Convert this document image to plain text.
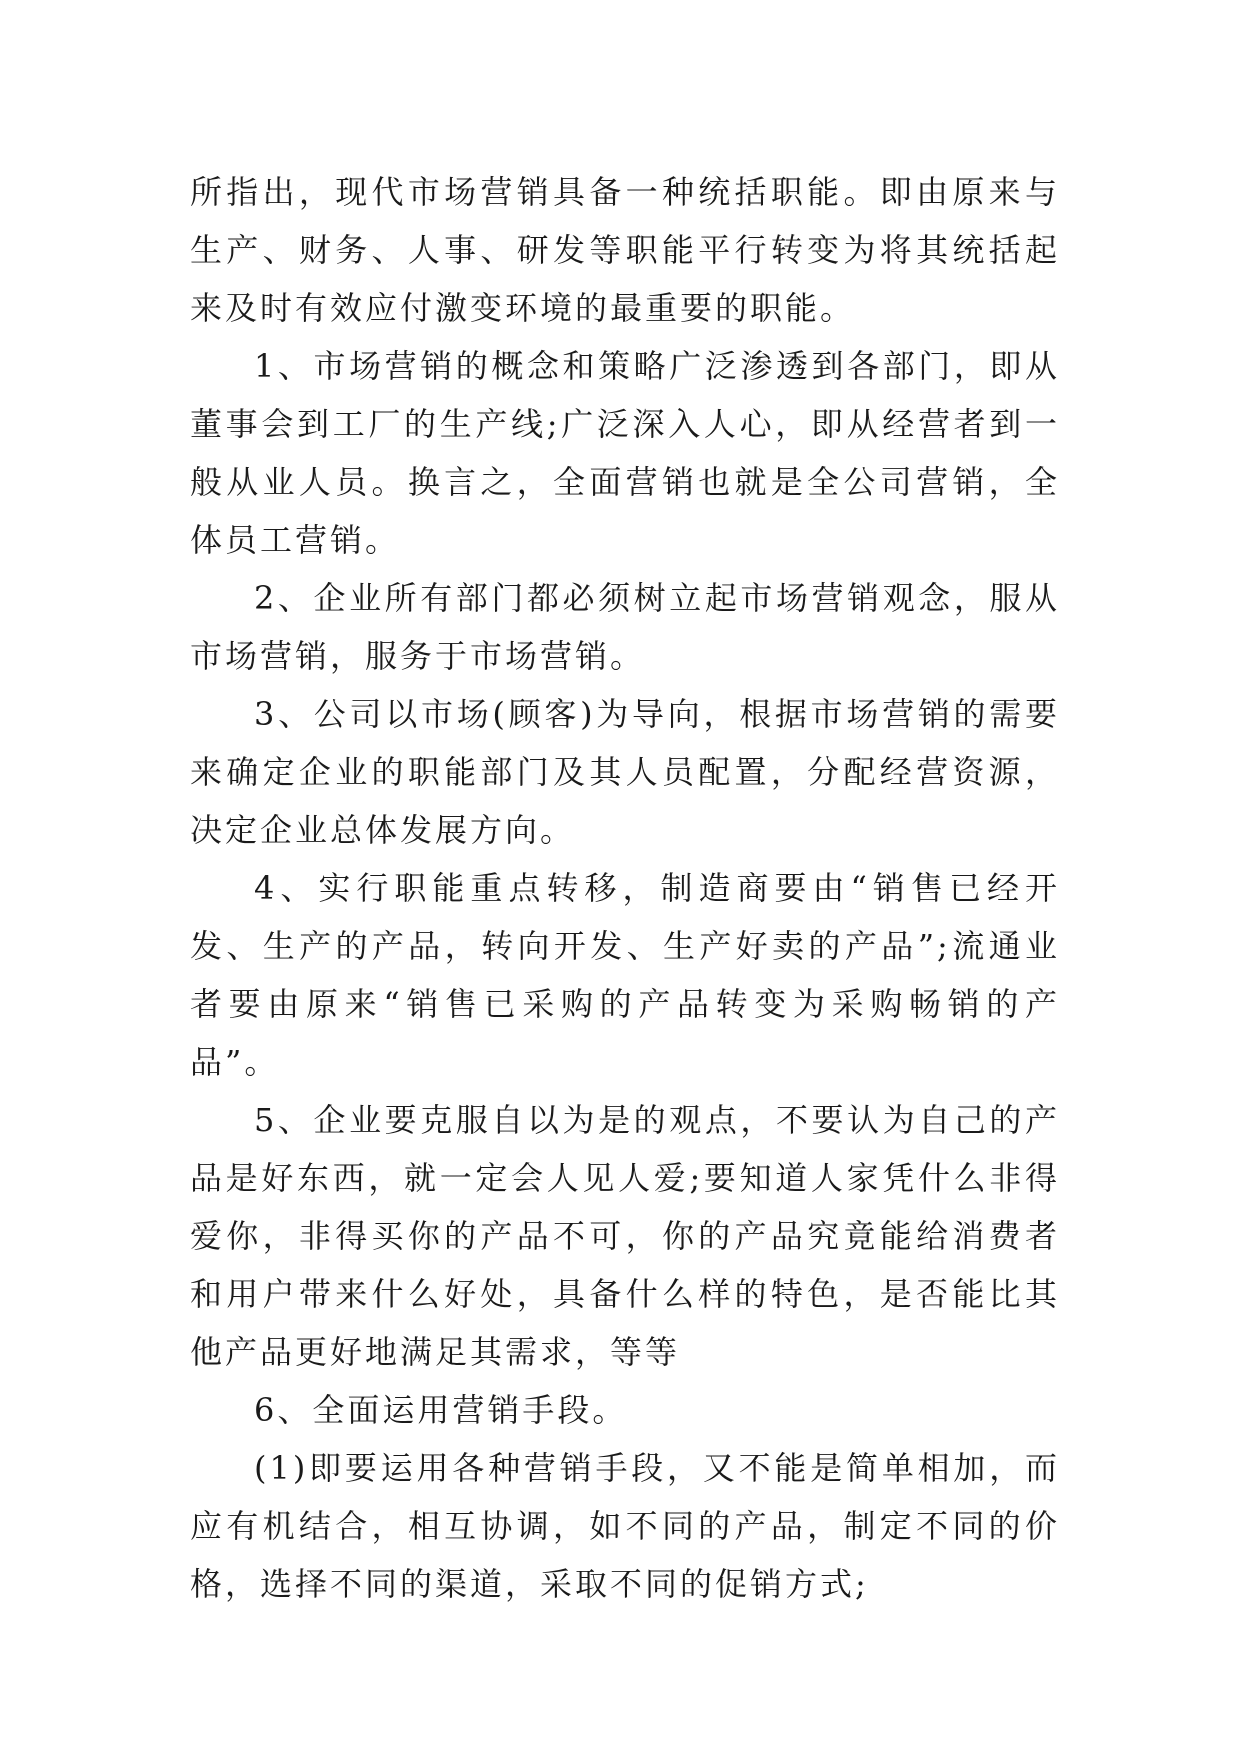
所指出，现代市场营销具备一种统括职能。即由原来与生产、财务、人事、研发等职能平行转变为将其统括起来及时有效应付激变环境的最重要的职能。

1、市场营销的概念和策略广泛渗透到各部门，即从董事会到工厂的生产线;广泛深入人心，即从经营者到一般从业人员。换言之，全面营销也就是全公司营销，全体员工营销。

2、企业所有部门都必须树立起市场营销观念，服从市场营销，服务于市场营销。

3、公司以市场(顾客)为导向，根据市场营销的需要来确定企业的职能部门及其人员配置，分配经营资源，决定企业总体发展方向。

4、实行职能重点转移，制造商要由“销售已经开发、生产的产品，转向开发、生产好卖的产品”;流通业者要由原来“销售已采购的产品转变为采购畅销的产品”。

5、企业要克服自以为是的观点，不要认为自己的产品是好东西，就一定会人见人爱;要知道人家凭什么非得爱你，非得买你的产品不可，你的产品究竟能给消费者和用户带来什么好处，具备什么样的特色，是否能比其他产品更好地满足其需求，等等

6、全面运用营销手段。

(1)即要运用各种营销手段，又不能是简单相加，而应有机结合，相互协调，如不同的产品，制定不同的价格，选择不同的渠道，采取不同的促销方式;
